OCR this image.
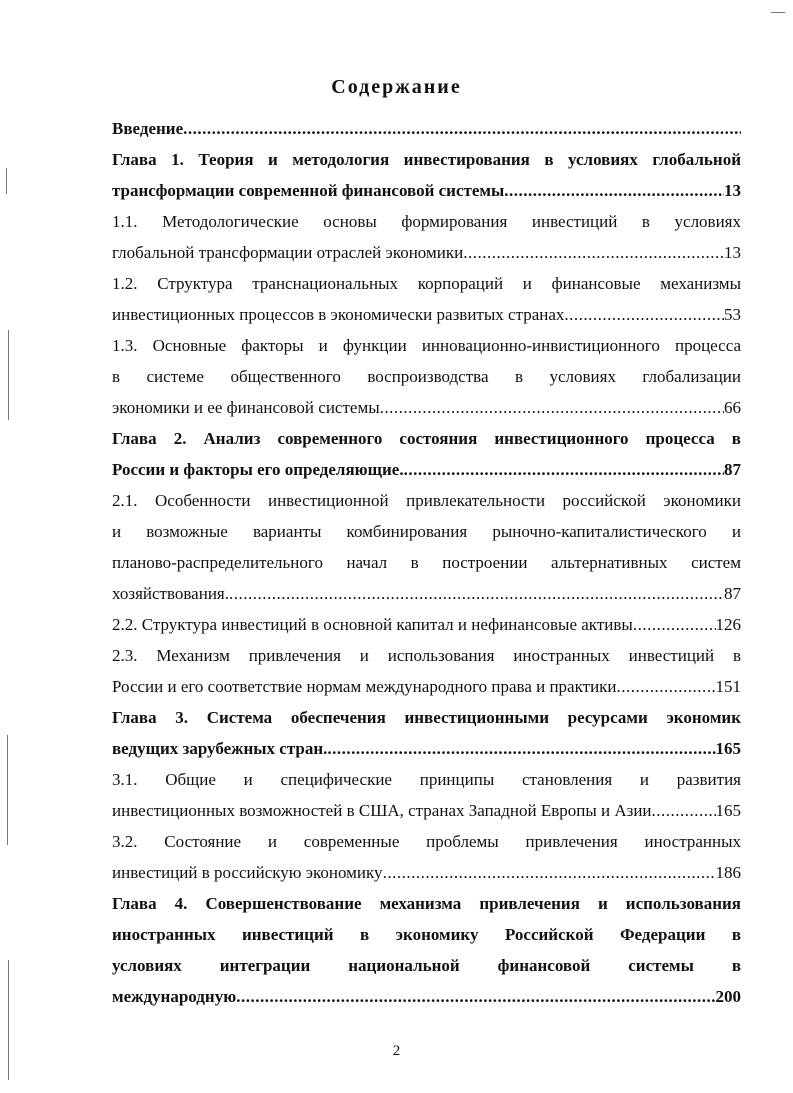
Содержание
Введение
.....
Глава 1. Теория и методология инвестирования в условиях глобальной
трансформации современной финансовой системы .....	13
1.1. Методологические основы формирования инвестиций в условиях
глобальной трансформации отраслей экономики .....	13
1.2. Структура транснациональных корпораций и финансовые механизмы
инвестиционных процессов в экономически развитых странах .....	53
1.3. Основные факторы и функции инновационно-инвистиционного процесса
в системе общественного воспроизводства в условиях глобализации
экономики и ее финансовой системы .....	66
Глава 2. Анализ современного состояния инвестиционного процесса в
России и факторы его определяющие. .....	87
2.1. Особенности инвестиционной привлекательности российской экономики
и возможные варианты комбинирования рыночно-капиталистического и
планово-распределительного начал в построении альтернативных систем
хозяйствования. .....	87
2.2. Структура инвестиций в основной капитал и нефинансовые активы .....	126
2.3. Механизм привлечения и использования иностранных инвестиций в
России и его соответствие нормам международного права и практики .....	151
Глава 3. Система обеспечения инвестиционными ресурсами экономик
ведущих зарубежных стран. .....	165
3.1. Общие и специфические принципы становления и развития
инвестиционных возможностей в США, странах Западной Европы и Азии .....	165
3.2. Состояние и современные проблемы привлечения иностранных
инвестиций в российскую экономику .....	186
Глава 4. Совершенствование механизма привлечения и использования
иностранных инвестиций в экономику Российской Федерации в
условиях интеграции национальной финансовой системы в
международную .....	200
2
